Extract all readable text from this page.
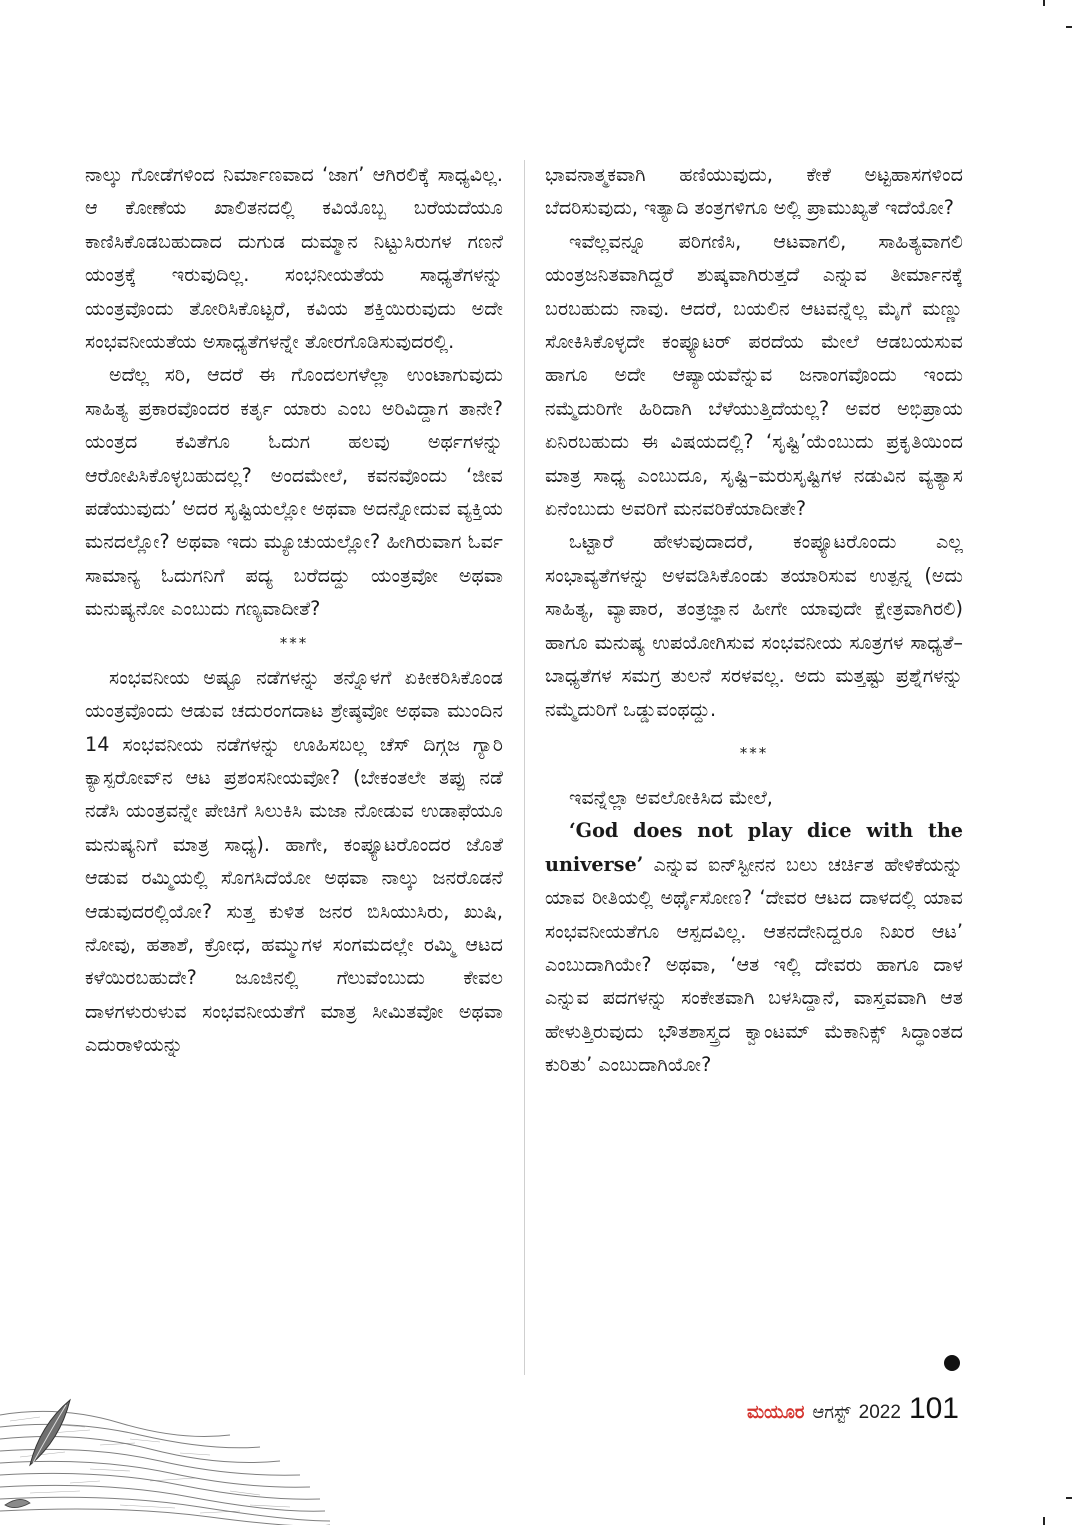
ನಾಲ್ಕು ಗೋಡೆಗಳಿಂದ ನಿರ್ಮಾಣವಾದ ‘ಜಾಗ’ ಆಗಿರಲಿಕ್ಕೆ ಸಾಧ್ಯವಿಲ್ಲ. ಆ ಕೋಣೆಯ ಖಾಲಿತನದಲ್ಲಿ ಕವಿಯೊಬ್ಬ ಬರೆಯದೆಯೂ ಕಾಣಿಸಿಕೊಡಬಹುದಾದ ದುಗುಡ ದುಮ್ಮಾನ ನಿಟ್ಟುಸಿರುಗಳ ಗಣನೆ ಯಂತ್ರಕ್ಕೆ ಇರುವುದಿಲ್ಲ. ಸಂಭನೀಯತೆಯ ಸಾಧ್ಯತೆಗಳನ್ನು ಯಂತ್ರವೊಂದು ತೋರಿಸಿಕೊಟ್ಟರೆ, ಕವಿಯ ಶಕ್ತಿಯಿರುವುದು ಅದೇ ಸಂಭವನೀಯತೆಯ ಅಸಾಧ್ಯತೆಗಳನ್ನೇ ತೋರಗೊಡಿಸುವುದರಲ್ಲಿ.

ಅದೆಲ್ಲ ಸರಿ, ಆದರೆ ಈ ಗೊಂದಲಗಳೆಲ್ಲಾ ಉಂಟಾಗುವುದು ಸಾಹಿತ್ಯ ಪ್ರಕಾರವೊಂದರ ಕರ್ತೃ ಯಾರು ಎಂಬ ಅರಿವಿದ್ದಾಗ ತಾನೇ? ಯಂತ್ರದ ಕವಿತೆಗೂ ಓದುಗ ಹಲವು ಅರ್ಥಗಳನ್ನು ಆರೋಪಿಸಿಕೊಳ್ಳಬಹುದಲ್ಲ? ಅಂದಮೇಲೆ, ಕವನವೊಂದು ‘ಜೀವ ಪಡೆಯುವುದು’ ಅದರ ಸೃಷ್ಟಿಯಲ್ಲೋ ಅಥವಾ ಅದನ್ನೋದುವ ವ್ಯಕ್ತಿಯ ಮನದಲ್ಲೋ? ಅಥವಾ ಇದು ಮ್ಯೂಚುಯಲ್ಲೋ? ಹೀಗಿರುವಾಗ ಓರ್ವ ಸಾಮಾನ್ಯ ಓದುಗನಿಗೆ ಪದ್ಯ ಬರೆದದ್ದು ಯಂತ್ರವೋ ಅಥವಾ ಮನುಷ್ಯನೋ ಎಂಬುದು ಗಣ್ಯವಾದೀತೆ?

***

ಸಂಭವನೀಯ ಅಷ್ಟೂ ನಡೆಗಳನ್ನು ತನ್ನೊಳಗೆ ಏಕೀಕರಿಸಿಕೊಂಡ ಯಂತ್ರವೊಂದು ಆಡುವ ಚದುರಂಗದಾಟ ಶ್ರೇಷ್ಠವೋ ಅಥವಾ ಮುಂದಿನ 14 ಸಂಭವನೀಯ ನಡೆಗಳನ್ನು ಊಹಿಸಬಲ್ಲ ಚೆಸ್ ದಿಗ್ಗಜ ಗ್ಯಾರಿ ಕ್ಯಾಸ್ಪರೋವ್‌ನ ಆಟ ಪ್ರಶಂಸನೀಯವೋ? (ಬೇಕಂತಲೇ ತಪ್ಪು ನಡೆ ನಡೆಸಿ ಯಂತ್ರವನ್ನೇ ಪೇಚಿಗೆ ಸಿಲುಕಿಸಿ ಮಜಾ ನೋಡುವ ಉಡಾಫೆಯೂ ಮನುಷ್ಯನಿಗೆ ಮಾತ್ರ ಸಾಧ್ಯ). ಹಾಗೇ, ಕಂಪ್ಯೂಟರೊಂದರ ಜೊತೆ ಆಡುವ ರಮ್ಮಿಯಲ್ಲಿ ಸೊಗಸಿದೆಯೋ ಅಥವಾ ನಾಲ್ಕು ಜನರೊಡನೆ ಆಡುವುದರಲ್ಲಿಯೋ? ಸುತ್ತ ಕುಳಿತ ಜನರ ಬಿಸಿಯುಸಿರು, ಖುಷಿ, ನೋವು, ಹತಾಶೆ, ಕ್ರೋಧ, ಹಮ್ಮುಗಳ ಸಂಗಮದಲ್ಲೇ ರಮ್ಮಿ ಆಟದ ಕಳೆಯಿರಬಹುದೇ? ಜೂಜಿನಲ್ಲಿ ಗೆಲುವೆಂಬುದು ಕೇವಲ ದಾಳಗಳುರುಳುವ ಸಂಭವನೀಯತೆಗೆ ಮಾತ್ರ ಸೀಮಿತವೋ ಅಥವಾ ಎದುರಾಳಿಯನ್ನು

ಭಾವನಾತ್ಮಕವಾಗಿ ಹಣಿಯುವುದು, ಕೇಕೆ ಅಟ್ಟಹಾಸಗಳಿಂದ ಬೆದರಿಸುವುದು, ಇತ್ಯಾದಿ ತಂತ್ರಗಳಿಗೂ ಅಲ್ಲಿ ಪ್ರಾಮುಖ್ಯತೆ ಇದೆಯೋ?

ಇವೆಲ್ಲವನ್ನೂ ಪರಿಗಣಿಸಿ, ಆಟವಾಗಲಿ, ಸಾಹಿತ್ಯವಾಗಲಿ ಯಂತ್ರಜನಿತವಾಗಿದ್ದರೆ ಶುಷ್ಕವಾಗಿರುತ್ತದೆ ಎನ್ನುವ ತೀರ್ಮಾನಕ್ಕೆ ಬರಬಹುದು ನಾವು. ಆದರೆ, ಬಯಲಿನ ಆಟವನ್ನೆಲ್ಲ ಮೈಗೆ ಮಣ್ಣು ಸೋಕಿಸಿಕೊಳ್ಳದೇ ಕಂಪ್ಯೂಟರ್ ಪರದೆಯ ಮೇಲೆ ಆಡಬಯಸುವ ಹಾಗೂ ಅದೇ ಆಪ್ಯಾಯವೆನ್ನುವ ಜನಾಂಗವೊಂದು ಇಂದು ನಮ್ಮೆದುರಿಗೇ ಹಿರಿದಾಗಿ ಬೆಳೆಯುತ್ತಿದೆಯಲ್ಲ? ಅವರ ಅಭಿಪ್ರಾಯ ಏನಿರಬಹುದು ಈ ವಿಷಯದಲ್ಲಿ? ‘ಸೃಷ್ಟಿ’ಯೆಂಬುದು ಪ್ರಕೃತಿಯಿಂದ ಮಾತ್ರ ಸಾಧ್ಯ ಎಂಬುದೂ, ಸೃಷ್ಟಿ–ಮರುಸೃಷ್ಟಿಗಳ ನಡುವಿನ ವ್ಯತ್ಯಾಸ ಏನೆಂಬುದು ಅವರಿಗೆ ಮನವರಿಕೆಯಾದೀತೇ?

ಒಟ್ಟಾರೆ ಹೇಳುವುದಾದರೆ, ಕಂಪ್ಯೂಟರೊಂದು ಎಲ್ಲ ಸಂಭಾವ್ಯತೆಗಳನ್ನು ಅಳವಡಿಸಿಕೊಂಡು ತಯಾರಿಸುವ ಉತ್ಪನ್ನ (ಅದು ಸಾಹಿತ್ಯ, ವ್ಯಾಪಾರ, ತಂತ್ರಜ್ಞಾನ ಹೀಗೇ ಯಾವುದೇ ಕ್ಷೇತ್ರವಾಗಿರಲಿ) ಹಾಗೂ ಮನುಷ್ಯ ಉಪಯೋಗಿಸುವ ಸಂಭವನೀಯ ಸೂತ್ರಗಳ ಸಾಧ್ಯತೆ–ಬಾಧ್ಯತೆಗಳ ಸಮಗ್ರ ತುಲನೆ ಸರಳವಲ್ಲ. ಅದು ಮತ್ತಷ್ಟು ಪ್ರಶ್ನೆಗಳನ್ನು ನಮ್ಮೆದುರಿಗೆ ಒಡ್ಡುವಂಥದ್ದು.

***

ಇವನ್ನೆಲ್ಲಾ ಅವಲೋಕಿಸಿದ ಮೇಲೆ,

‘God does not play dice with the universe’ ಎನ್ನುವ ಐನ್‌ಸ್ಟೀನನ ಬಲು ಚರ್ಚಿತ ಹೇಳಿಕೆಯನ್ನು ಯಾವ ರೀತಿಯಲ್ಲಿ ಅರ್ಥೈಸೋಣ? ‘ದೇವರ ಆಟದ ದಾಳದಲ್ಲಿ ಯಾವ ಸಂಭವನೀಯತೆಗೂ ಆಸ್ಪದವಿಲ್ಲ. ಆತನದೇನಿದ್ದರೂ ನಿಖರ ಆಟ’ ಎಂಬುದಾಗಿಯೇ? ಅಥವಾ, ‘ಆತ ಇಲ್ಲಿ ದೇವರು ಹಾಗೂ ದಾಳ ಎನ್ನುವ ಪದಗಳನ್ನು ಸಂಕೇತವಾಗಿ ಬಳಸಿದ್ದಾನೆ, ವಾಸ್ತವವಾಗಿ ಆತ ಹೇಳುತ್ತಿರುವುದು ಭೌತಶಾಸ್ತ್ರದ ಕ್ವಾಂಟಮ್ ಮೆಕಾನಿಕ್ಸ್ ಸಿದ್ಧಾಂತದ ಕುರಿತು’ ಎಂಬುದಾಗಿಯೋ?

ಮಯೂರ ಆಗಸ್ಟ್ 2022 101
